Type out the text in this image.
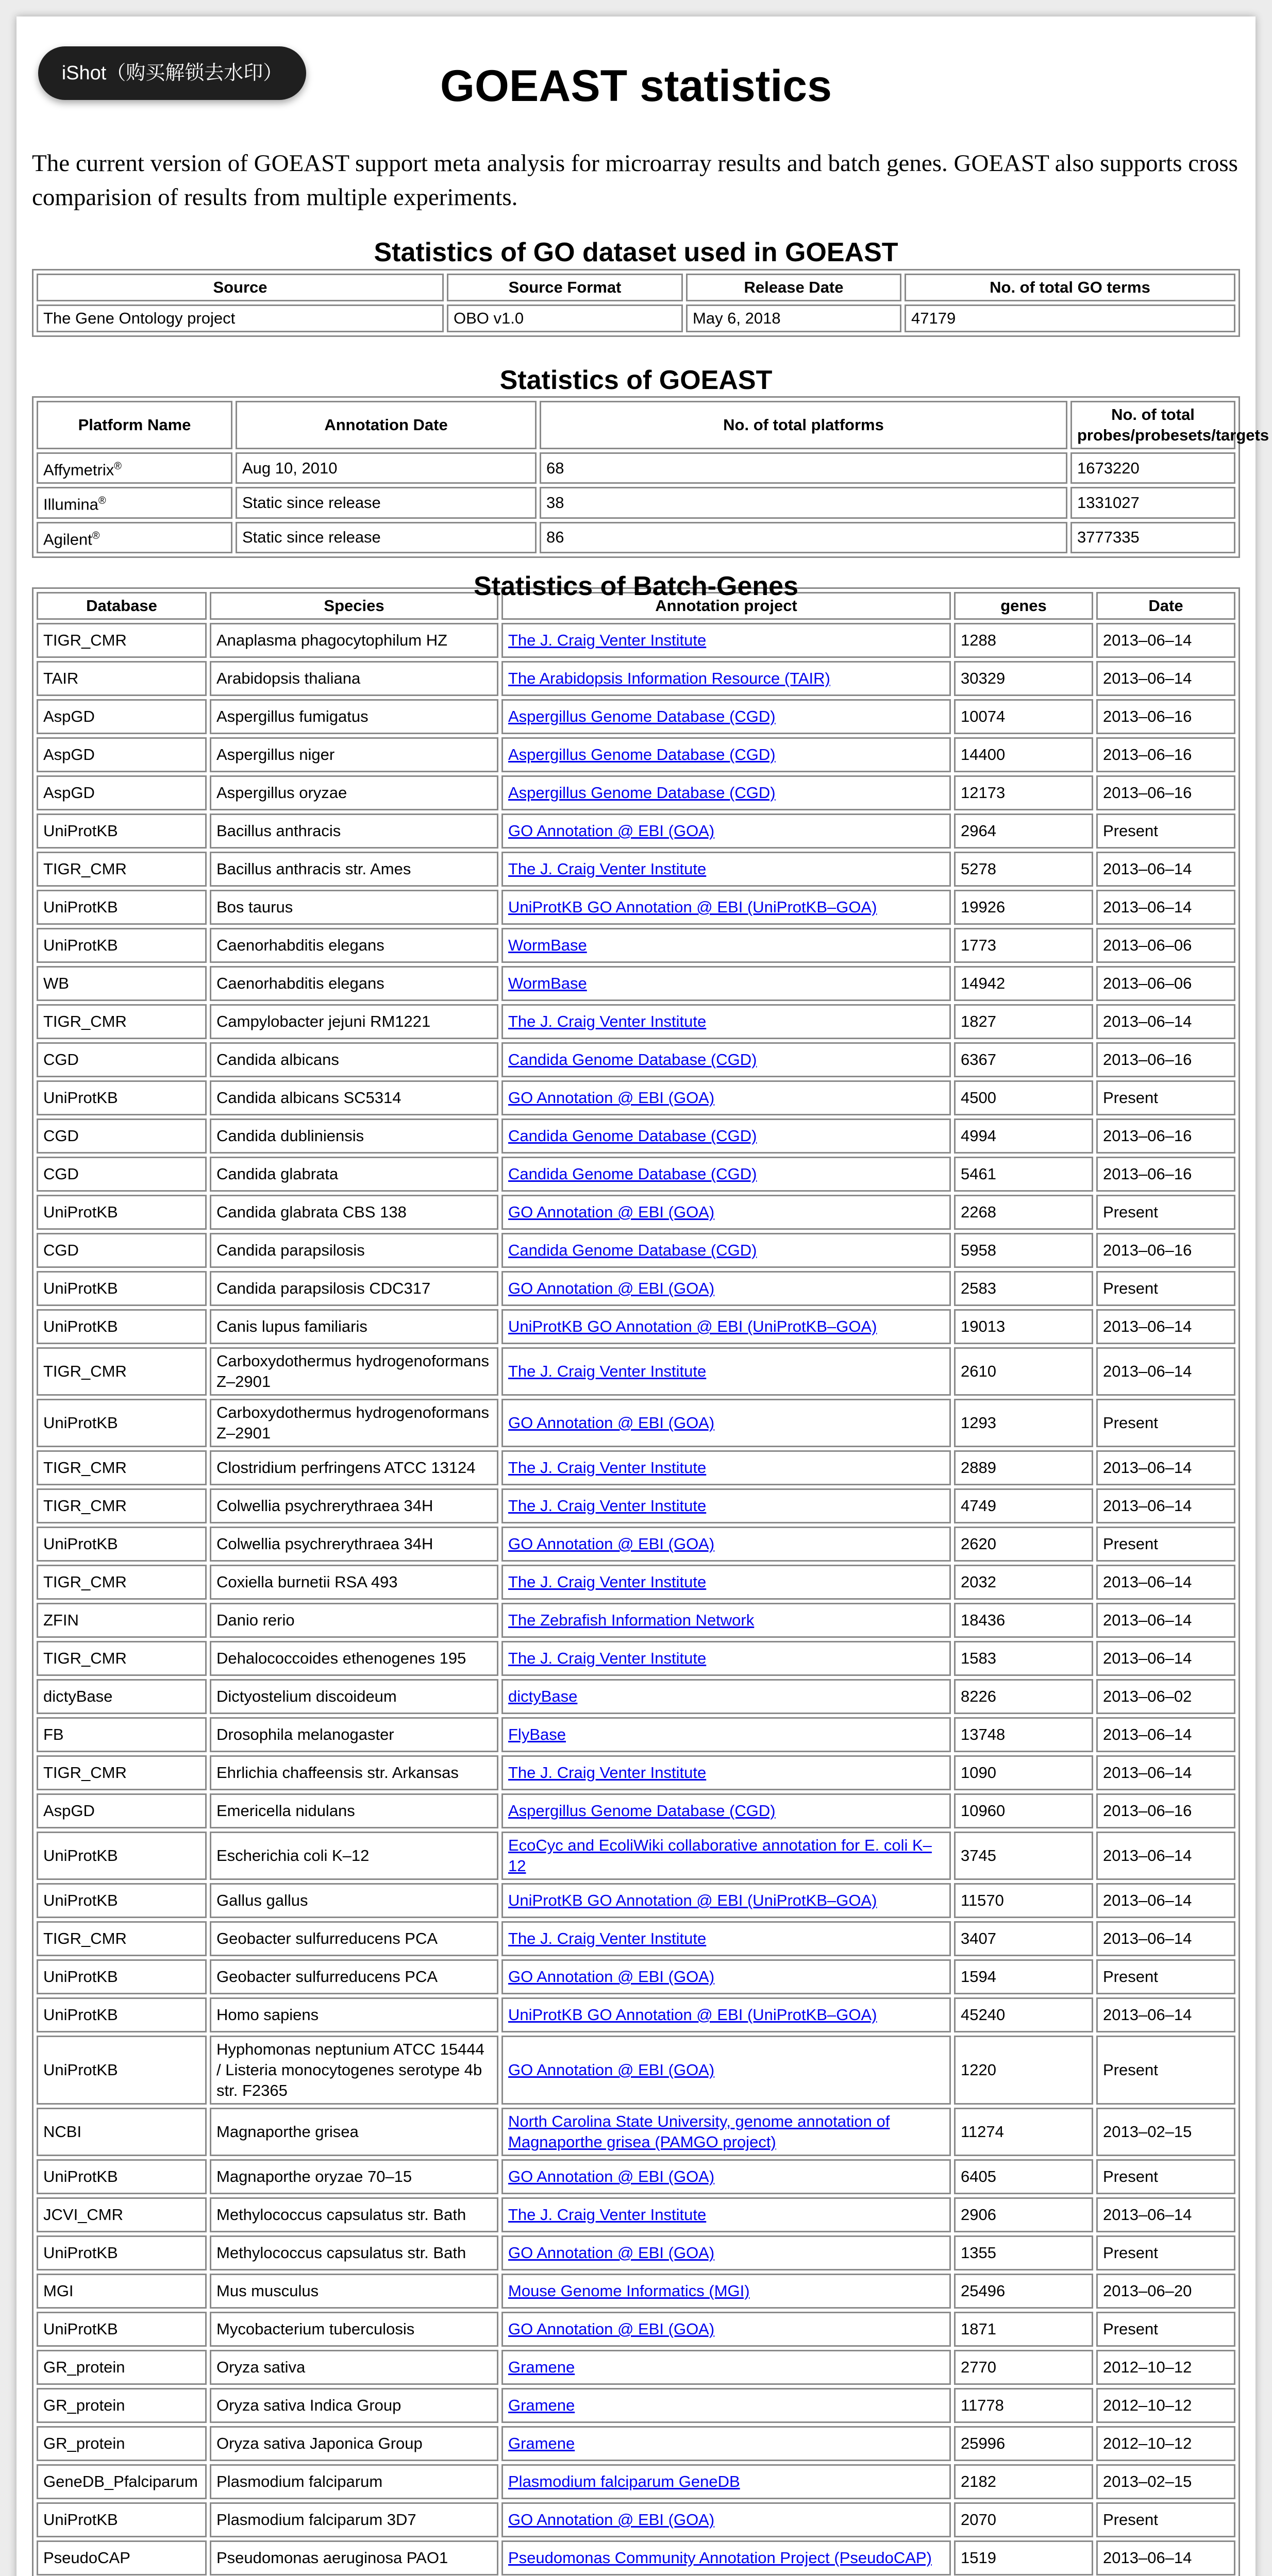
iShot（购买解锁去水印）	GOEAST statistics
The current version of GOEAST support meta analysis for microarray results and batch genes. GOEAST also supports cross comparision of results from multiple experiments.
Statistics of GO dataset used in GOEAST
Source	Source Format	Release Date	No. of total GO terms
The Gene Ontology project	OBO v1.0	May 6, 2018	47179
Statistics of GOEAST
Platform Name	Annotation Date	No. of total platforms	No. of total probes/probesets/targets
Affymetrix®	Aug 10, 2010	68	1673220
Illumina®	Static since release	38	1331027
Agilent®	Static since release	86	3777335
Database	Species	Annotation project	genes	Date
TIGR_CMR	Anaplasma phagocytophilum HZ	The J. Craig Venter Institute	1288	2013–06–14
TAIR	Arabidopsis thaliana	The Arabidopsis Information Resource (TAIR)	30329	2013–06–14
AspGD	Aspergillus fumigatus	Aspergillus Genome Database (CGD)	10074	2013–06–16
AspGD	Aspergillus niger	Aspergillus Genome Database (CGD)	14400	2013–06–16
AspGD	Aspergillus oryzae	Aspergillus Genome Database (CGD)	12173	2013–06–16
UniProtKB	Bacillus anthracis	GO Annotation @ EBI (GOA)	2964	Present
TIGR_CMR	Bacillus anthracis str. Ames	The J. Craig Venter Institute	5278	2013–06–14
UniProtKB	Bos taurus	UniProtKB GO Annotation @ EBI (UniProtKB–GOA)	19926	2013–06–14
UniProtKB	Caenorhabditis elegans	WormBase	1773	2013–06–06
WB	Caenorhabditis elegans	WormBase	14942	2013–06–06
TIGR_CMR	Campylobacter jejuni RM1221	The J. Craig Venter Institute	1827	2013–06–14
CGD	Candida albicans	Candida Genome Database (CGD)	6367	2013–06–16
UniProtKB	Candida albicans SC5314	GO Annotation @ EBI (GOA)	4500	Present
CGD	Candida dubliniensis	Candida Genome Database (CGD)	4994	2013–06–16
CGD	Candida glabrata	Candida Genome Database (CGD)	5461	2013–06–16
UniProtKB	Candida glabrata CBS 138	GO Annotation @ EBI (GOA)	2268	Present
CGD	Candida parapsilosis	Candida Genome Database (CGD)	5958	2013–06–16
UniProtKB	Candida parapsilosis CDC317	GO Annotation @ EBI (GOA)	2583	Present
UniProtKB	Canis lupus familiaris	UniProtKB GO Annotation @ EBI (UniProtKB–GOA)	19013	2013–06–14
TIGR_CMR	Carboxydothermus hydrogenoformans Z–2901	The J. Craig Venter Institute	2610	2013–06–14
UniProtKB	Carboxydothermus hydrogenoformans Z–2901	GO Annotation @ EBI (GOA)	1293	Present
TIGR_CMR	Clostridium perfringens ATCC 13124	The J. Craig Venter Institute	2889	2013–06–14
TIGR_CMR	Colwellia psychrerythraea 34H	The J. Craig Venter Institute	4749	2013–06–14
UniProtKB	Colwellia psychrerythraea 34H	GO Annotation @ EBI (GOA)	2620	Present
TIGR_CMR	Coxiella burnetii RSA 493	The J. Craig Venter Institute	2032	2013–06–14
ZFIN	Danio rerio	The Zebrafish Information Network	18436	2013–06–14
TIGR_CMR	Dehalococcoides ethenogenes 195	The J. Craig Venter Institute	1583	2013–06–14
dictyBase	Dictyostelium discoideum	dictyBase	8226	2013–06–02
FB	Drosophila melanogaster	FlyBase	13748	2013–06–14
TIGR_CMR	Ehrlichia chaffeensis str. Arkansas	The J. Craig Venter Institute	1090	2013–06–14
AspGD	Emericella nidulans	Aspergillus Genome Database (CGD)	10960	2013–06–16
UniProtKB	Escherichia coli K–12	EcoCyc and EcoliWiki collaborative annotation for E. coli K–12	3745	2013–06–14
UniProtKB	Gallus gallus	UniProtKB GO Annotation @ EBI (UniProtKB–GOA)	11570	2013–06–14
TIGR_CMR	Geobacter sulfurreducens PCA	The J. Craig Venter Institute	3407	2013–06–14
UniProtKB	Geobacter sulfurreducens PCA	GO Annotation @ EBI (GOA)	1594	Present
UniProtKB	Homo sapiens	UniProtKB GO Annotation @ EBI (UniProtKB–GOA)	45240	2013–06–14
UniProtKB	Hyphomonas neptunium ATCC 15444 / Listeria monocytogenes serotype 4b str. F2365	GO Annotation @ EBI (GOA)	1220	Present
NCBI	Magnaporthe grisea	North Carolina State University, genome annotation of Magnaporthe grisea (PAMGO project)	11274	2013–02–15
UniProtKB	Magnaporthe oryzae 70–15	GO Annotation @ EBI (GOA)	6405	Present
JCVI_CMR	Methylococcus capsulatus str. Bath	The J. Craig Venter Institute	2906	2013–06–14
UniProtKB	Methylococcus capsulatus str. Bath	GO Annotation @ EBI (GOA)	1355	Present
MGI	Mus musculus	Mouse Genome Informatics (MGI)	25496	2013–06–20
UniProtKB	Mycobacterium tuberculosis	GO Annotation @ EBI (GOA)	1871	Present
GR_protein	Oryza sativa	Gramene	2770	2012–10–12
GR_protein	Oryza sativa Indica Group	Gramene	11778	2012–10–12
GR_protein	Oryza sativa Japonica Group	Gramene	25996	2012–10–12
GeneDB_Pfalciparum	Plasmodium falciparum	Plasmodium falciparum GeneDB	2182	2013–02–15
UniProtKB	Plasmodium falciparum 3D7	GO Annotation @ EBI (GOA)	2070	Present
PseudoCAP	Pseudomonas aeruginosa PAO1	Pseudomonas Community Annotation Project (PseudoCAP)	1519	2013–06–14

Statistics of Batch-Genes
